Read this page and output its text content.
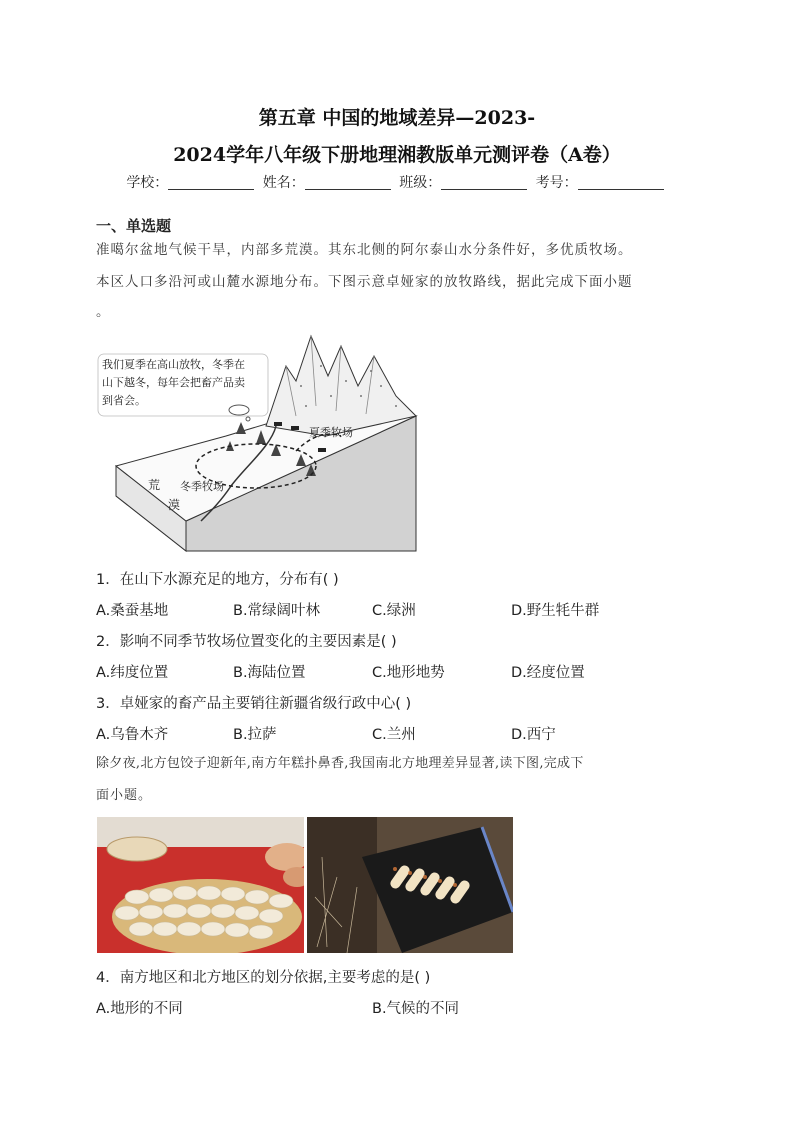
第五章 中国的地域差异—2023-
2024学年八年级下册地理湘教版单元测评卷（A卷）
学校：	姓名：	班级：	考号：
一、单选题
准噶尔盆地气候干旱，内部多荒漠。其东北侧的阿尔泰山水分条件好，多优质牧场。
本区人口多沿河或山麓水源地分布。下图示意卓娅家的放牧路线，据此完成下面小题
。
我们夏季在高山放牧，冬季在
山下越冬，每年会把畜产品卖
到省会。
夏季牧场
冬季牧场
荒
漠
1．在山下水源充足的地方，分布有( )
A.桑蚕基地	B.常绿阔叶林	C.绿洲	D.野生牦牛群
2．影响不同季节牧场位置变化的主要因素是( )
A.纬度位置	B.海陆位置	C.地形地势	D.经度位置
3．卓娅家的畜产品主要销往新疆省级行政中心( )
A.乌鲁木齐	B.拉萨	C.兰州	D.西宁
除夕夜,北方包饺子迎新年,南方年糕扑鼻香,我国南北方地理差异显著,读下图,完成下
面小题。
4．南方地区和北方地区的划分依据,主要考虑的是( )
A.地形的不同	B.气候的不同
